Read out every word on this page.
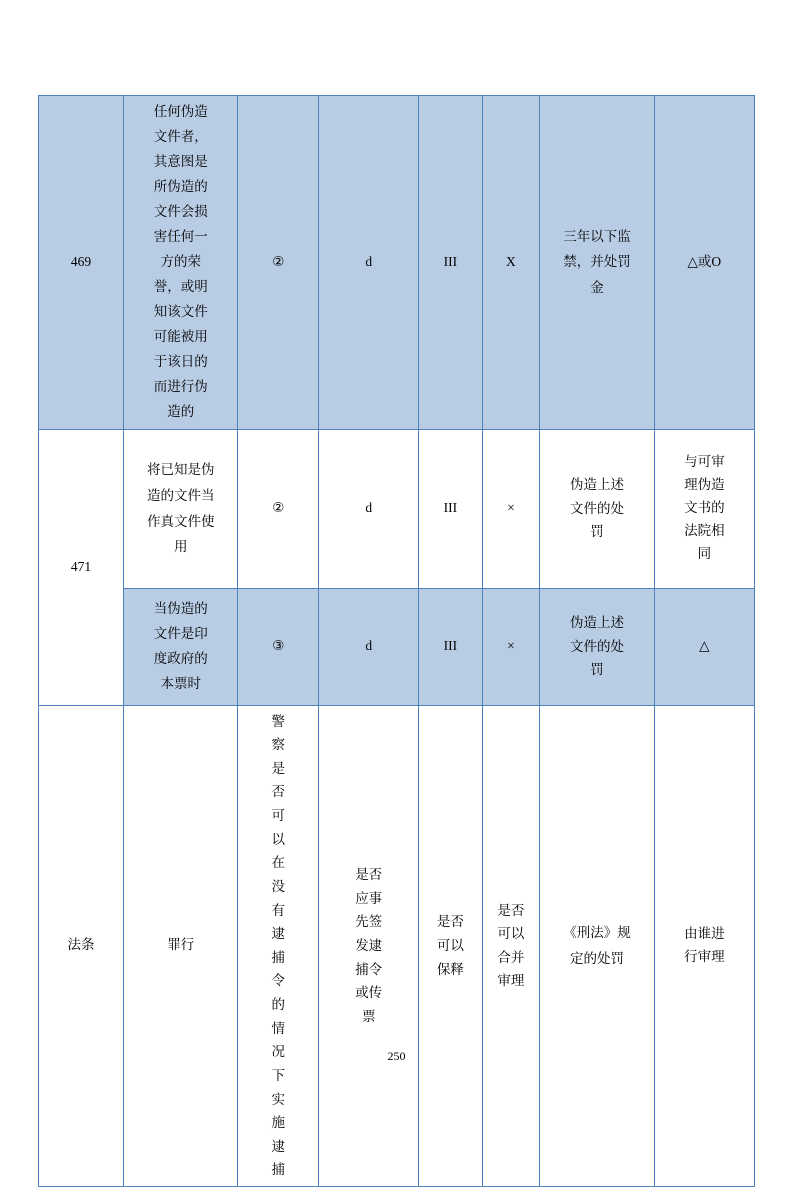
469	任何伪造文件者，其意图是所伪造的文件会损害任何一方的荣誉，或明知该文件可能被用于该日的而进行伪造的	②	d	III	X	三年以下监禁，并处罚金	△或O
471	将已知是伪造的文件当作真文件使用	②	d	III	×	伪造上述文件的处罚	与可审理伪造文书的法院相同

	当伪造的文件是印度政府的本票时	③	d	III	×	伪造上述文件的处罚	△
法条	罪行	警察是否可以在没有逮捕令的情况下实施逮捕	是否应事先签发逮捕令或传票	是否可以保释	是否可以合并审理	《刑法》规定的处罚	由谁进行审理
250
